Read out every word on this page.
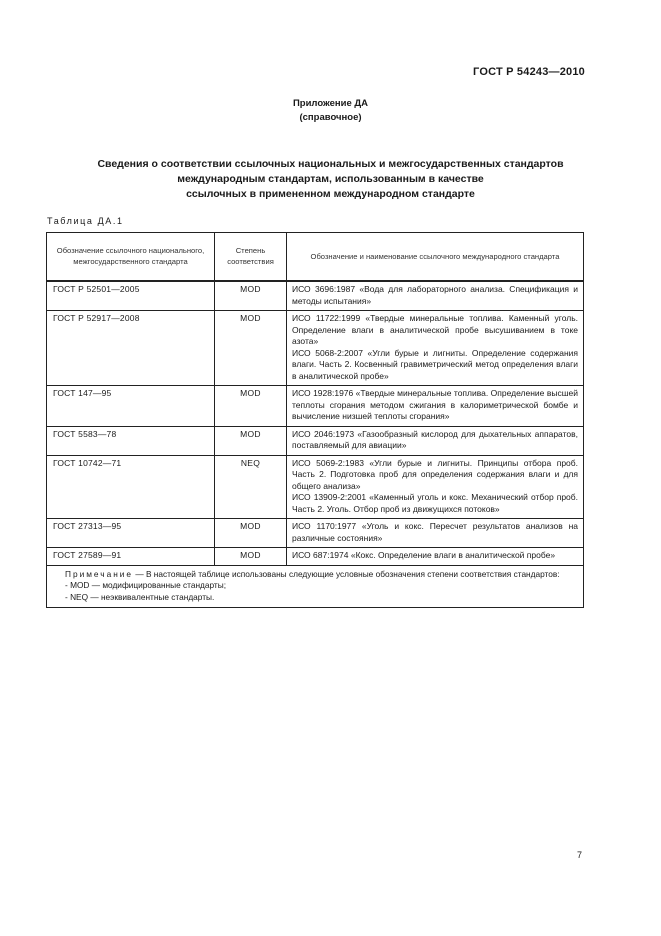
ГОСТ Р 54243—2010
Приложение ДА
(справочное)
Сведения о соответствии ссылочных национальных и межгосударственных стандартов
международным стандартам, использованным в качестве
ссылочных в примененном международном стандарте
Таблица ДА.1
Обозначение ссылочного национального, межгосударственного стандарта	Степень соответствия	Обозначение и наименование ссылочного международного стандарта
ГОСТ Р 52501—2005	MOD	ИСО 3696:1987 «Вода для лабораторного анализа. Спецификация и методы испытания»
ГОСТ Р 52917—2008	MOD	ИСО 11722:1999 «Твердые минеральные топлива. Каменный уголь. Определение влаги в аналитической пробе высушиванием в токе азота»
ИСО 5068-2:2007 «Угли бурые и лигниты. Определение содержания влаги. Часть 2. Косвенный гравиметрический метод определения влаги в аналитической пробе»

ГОСТ 147—95	MOD	ИСО 1928:1976 «Твердые минеральные топлива. Определение высшей теплоты сгорания методом сжигания в калориметрической бомбе и вычисление низшей теплоты сгорания»
ГОСТ 5583—78	MOD	ИСО 2046:1973 «Газообразный кислород для дыхательных аппаратов, поставляемый для авиации»
ГОСТ 10742—71	NEQ	ИСО 5069-2:1983 «Угли бурые и лигниты. Принципы отбора проб. Часть 2. Подготовка проб для определения содержания влаги и для общего анализа»
ИСО 13909-2:2001 «Каменный уголь и кокс. Механический отбор проб. Часть 2. Уголь. Отбор проб из движущихся потоков»

ГОСТ 27313—95	MOD	ИСО 1170:1977 «Уголь и кокс. Пересчет результатов анализов на различные состояния»
ГОСТ 27589—91	MOD	ИСО 687:1974 «Кокс. Определение влаги в аналитической пробе»

Примечание — В настоящей таблице использованы следующие условные обозначения степени соответствия стандартов:
- MOD — модифицированные стандарты;
- NEQ — неэквивалентные стандарты.		
7
